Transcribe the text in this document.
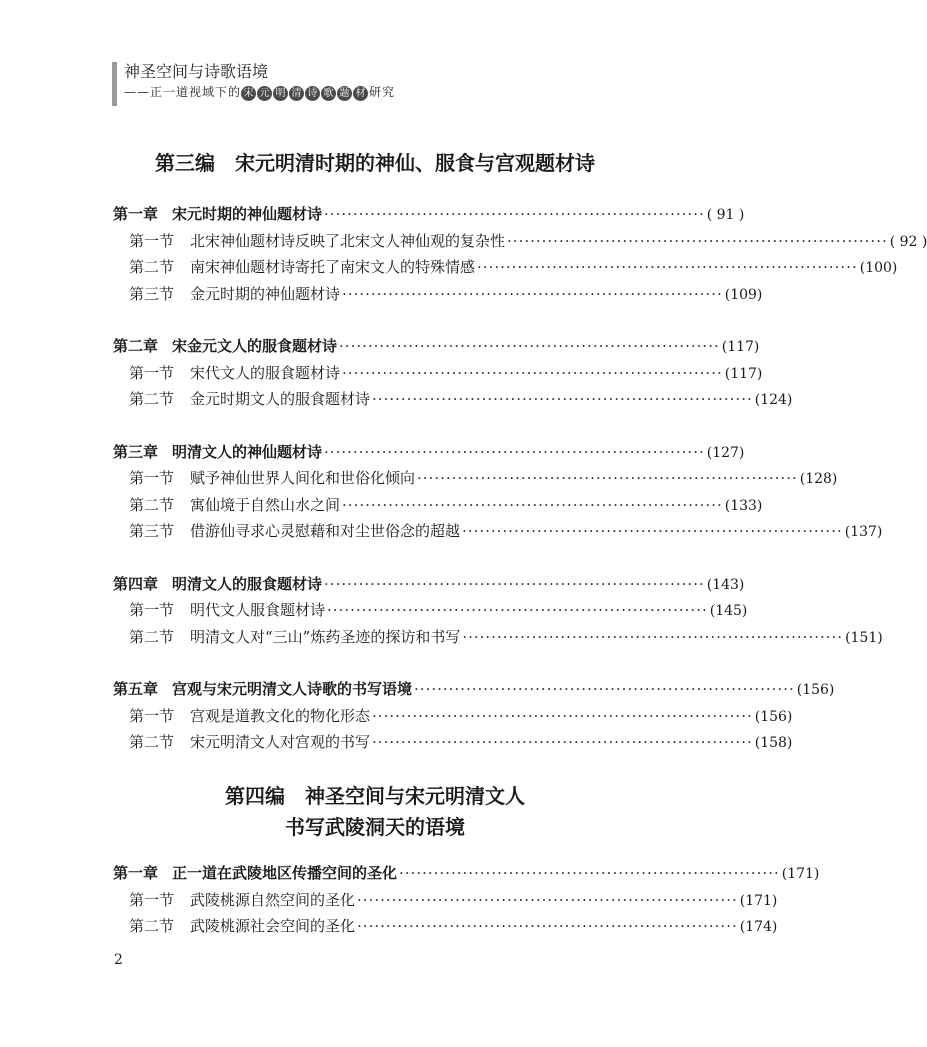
神圣空间与诗歌语境
——正一道视域下的 宋 元 明 清 诗 歌 题 材 研究
第三编　宋元明清时期的神仙、服食与宫观题材诗
第一章 宋元时期的神仙题材诗 ·································································· ( 91 )
第一节 北宋神仙题材诗反映了北宋文人神仙观的复杂性 ·································································· ( 92 )
第二节 南宋神仙题材诗寄托了南宋文人的特殊情感 ·································································· (100)
第三节 金元时期的神仙题材诗 ·································································· (109)
第二章 宋金元文人的服食题材诗 ·································································· (117)
第一节 宋代文人的服食题材诗 ·································································· (117)
第二节 金元时期文人的服食题材诗 ·································································· (124)
第三章 明清文人的神仙题材诗 ·································································· (127)
第一节 赋予神仙世界人间化和世俗化倾向 ·································································· (128)
第二节 寓仙境于自然山水之间 ·································································· (133)
第三节 借游仙寻求心灵慰藉和对尘世俗念的超越 ·································································· (137)
第四章 明清文人的服食题材诗 ·································································· (143)
第一节 明代文人服食题材诗 ·································································· (145)
第二节 明清文人对“三山”炼药圣迹的探访和书写 ·································································· (151)
第五章 宫观与宋元明清文人诗歌的书写语境 ·································································· (156)
第一节 宫观是道教文化的物化形态 ·································································· (156)
第二节 宋元明清文人对宫观的书写 ·································································· (158)
第四编　神圣空间与宋元明清文人
书写武陵洞天的语境
第一章 正一道在武陵地区传播空间的圣化 ·································································· (171)
第一节 武陵桃源自然空间的圣化 ·································································· (171)
第二节 武陵桃源社会空间的圣化 ·································································· (174)
2
